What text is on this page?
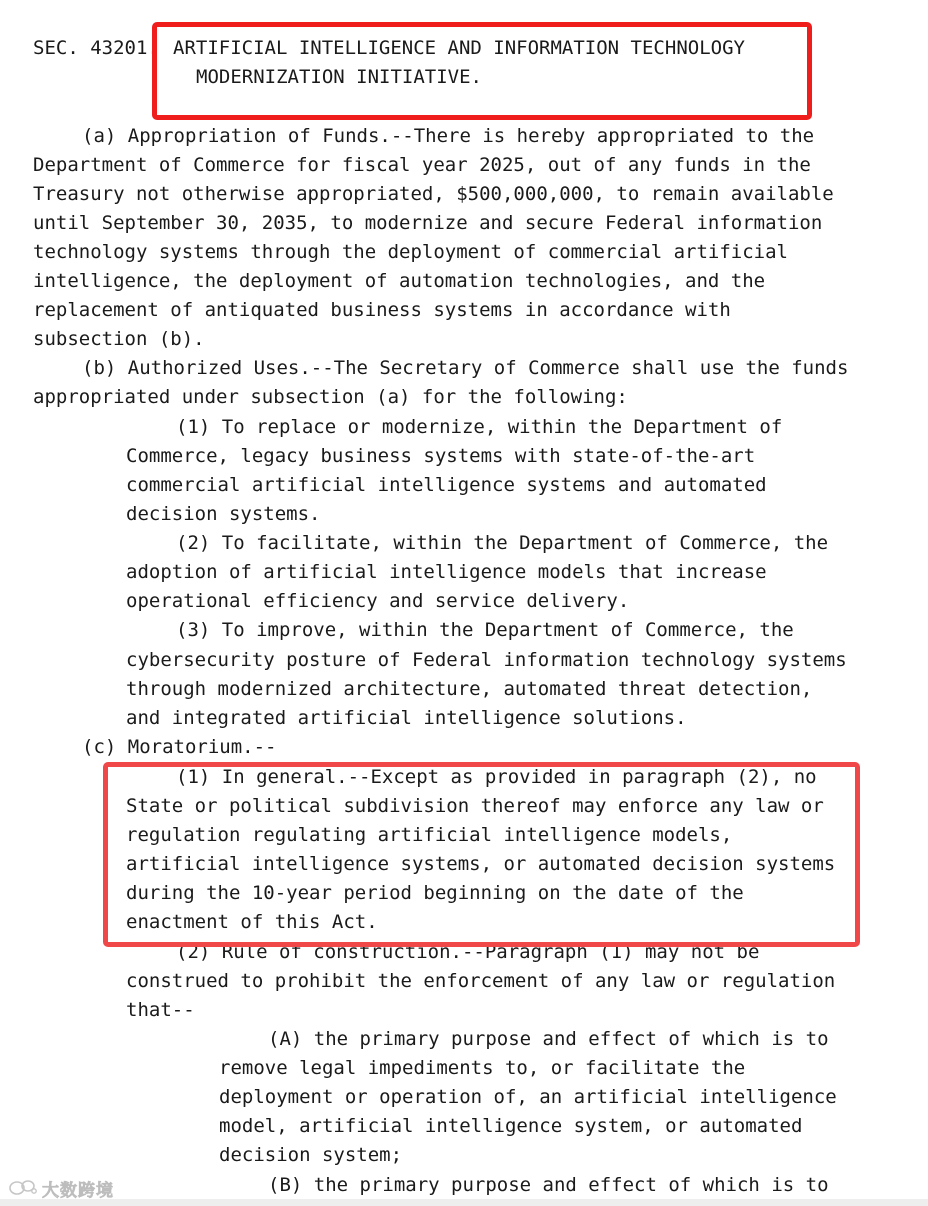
SEC. 43201. ARTIFICIAL INTELLIGENCE AND INFORMATION TECHNOLOGY

MODERNIZATION INITIATIVE.

(a) Appropriation of Funds.--There is hereby appropriated to the

Department of Commerce for fiscal year 2025, out of any funds in the

Treasury not otherwise appropriated, $500,000,000, to remain available

until September 30, 2035, to modernize and secure Federal information

technology systems through the deployment of commercial artificial

intelligence, the deployment of automation technologies, and the

replacement of antiquated business systems in accordance with

subsection (b).

(b) Authorized Uses.--The Secretary of Commerce shall use the funds

appropriated under subsection (a) for the following:

(1) To replace or modernize, within the Department of

Commerce, legacy business systems with state-of-the-art

commercial artificial intelligence systems and automated

decision systems.

(2) To facilitate, within the Department of Commerce, the

adoption of artificial intelligence models that increase

operational efficiency and service delivery.

(3) To improve, within the Department of Commerce, the

cybersecurity posture of Federal information technology systems

through modernized architecture, automated threat detection,

and integrated artificial intelligence solutions.

(c) Moratorium.--

(1) In general.--Except as provided in paragraph (2), no

State or political subdivision thereof may enforce any law or

regulation regulating artificial intelligence models,

artificial intelligence systems, or automated decision systems

during the 10-year period beginning on the date of the

enactment of this Act.

(2) Rule of construction.--Paragraph (1) may not be

construed to prohibit the enforcement of any law or regulation

that--

(A) the primary purpose and effect of which is to

remove legal impediments to, or facilitate the

deployment or operation of, an artificial intelligence

model, artificial intelligence system, or automated

decision system;

(B) the primary purpose and effect of which is to

大数跨境
